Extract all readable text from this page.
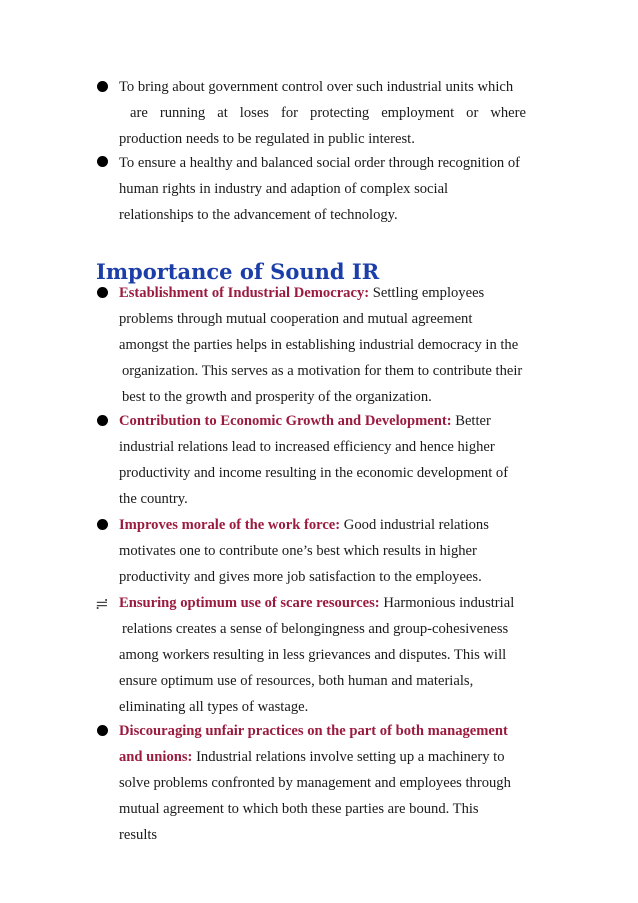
To bring about government control over such industrial units which
are running at loses for protecting employment or where
production needs to be regulated in public interest.
To ensure a healthy and balanced social order through recognition of
human rights in industry and adaption of complex social
relationships to the advancement of technology.
Importance of Sound IR
Establishment of Industrial Democracy: Settling employees
problems through mutual cooperation and mutual agreement
amongst the parties helps in establishing industrial democracy in the
organization. This serves as a motivation for them to contribute their
best to the growth and prosperity of the organization.
Contribution to Economic Growth and Development: Better
industrial relations lead to increased efficiency and hence higher
productivity and income resulting in the economic development of
the country.
Improves morale of the work force: Good industrial relations
motivates one to contribute one’s best which results in higher
productivity and gives more job satisfaction to the employees.
≓ Ensuring optimum use of scare resources: Harmonious industrial
relations creates a sense of belongingness and group-cohesiveness
among workers resulting in less grievances and disputes. This will
ensure optimum use of resources, both human and materials,
eliminating all types of wastage.
Discouraging unfair practices on the part of both management
and unions: Industrial relations involve setting up a machinery to
solve problems confronted by management and employees through
mutual agreement to which both these parties are bound. This
results
